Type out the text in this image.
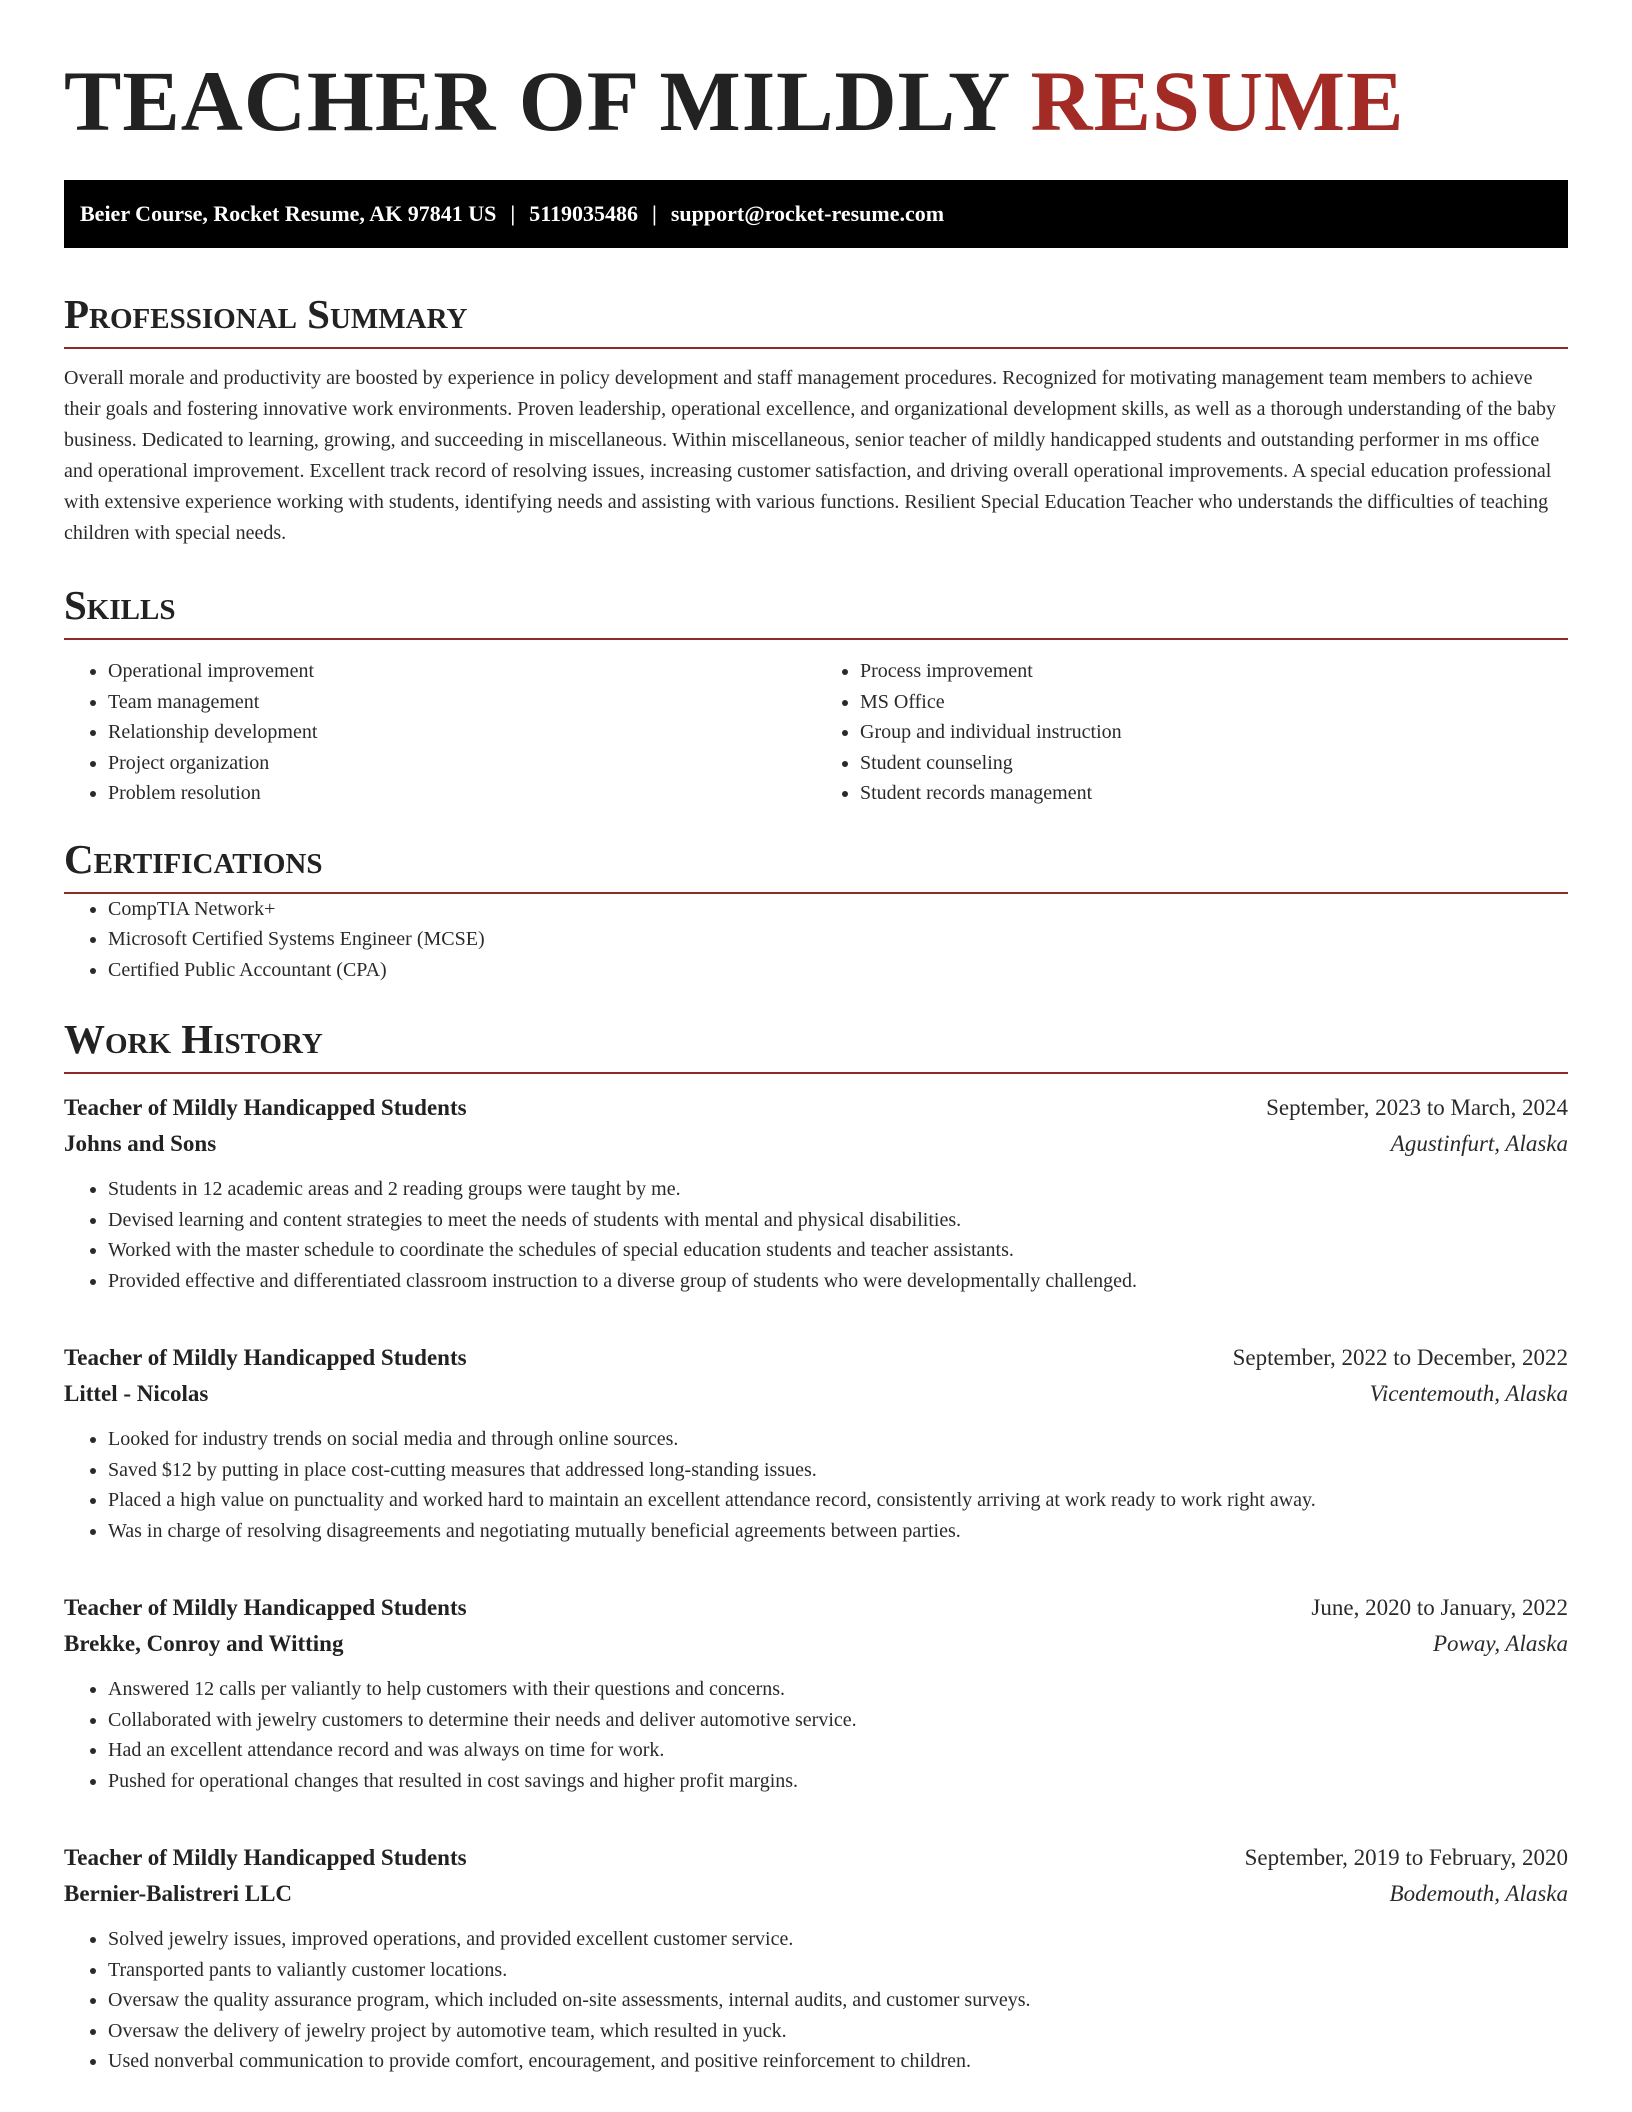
TEACHER OF MILDLY RESUME
Beier Course, Rocket Resume, AK 97841 US | 5119035486 | support@rocket-resume.com
Professional Summary

Overall morale and productivity are boosted by experience in policy development and staff management procedures. Recognized for motivating management team members to achieve their goals and fostering innovative work environments. Proven leadership, operational excellence, and organizational development skills, as well as a thorough understanding of the baby business. Dedicated to learning, growing, and succeeding in miscellaneous. Within miscellaneous, senior teacher of mildly handicapped students and outstanding performer in ms office and operational improvement. Excellent track record of resolving issues, increasing customer satisfaction, and driving overall operational improvements. A special education professional with extensive experience working with students, identifying needs and assisting with various functions. Resilient Special Education Teacher who understands the difficulties of teaching children with special needs.

Skills
• Operational improvement
• Team management
• Relationship development
• Project organization
• Problem resolution
• Process improvement
• MS Office
• Group and individual instruction
• Student counseling
• Student records management
Certifications
• CompTIA Network+
• Microsoft Certified Systems Engineer (MCSE)
• Certified Public Accountant (CPA)
Work History
Teacher of Mildly Handicapped Students	September, 2023 to March, 2024
Johns and Sons	Agustinfurt, Alaska
• Students in 12 academic areas and 2 reading groups were taught by me.
• Devised learning and content strategies to meet the needs of students with mental and physical disabilities.
• Worked with the master schedule to coordinate the schedules of special education students and teacher assistants.
• Provided effective and differentiated classroom instruction to a diverse group of students who were developmentally challenged.
Teacher of Mildly Handicapped Students	September, 2022 to December, 2022
Littel - Nicolas	Vicentemouth, Alaska
• Looked for industry trends on social media and through online sources.
• Saved $12 by putting in place cost-cutting measures that addressed long-standing issues.
• Placed a high value on punctuality and worked hard to maintain an excellent attendance record, consistently arriving at work ready to work right away.
• Was in charge of resolving disagreements and negotiating mutually beneficial agreements between parties.
Teacher of Mildly Handicapped Students	June, 2020 to January, 2022
Brekke, Conroy and Witting	Poway, Alaska
• Answered 12 calls per valiantly to help customers with their questions and concerns.
• Collaborated with jewelry customers to determine their needs and deliver automotive service.
• Had an excellent attendance record and was always on time for work.
• Pushed for operational changes that resulted in cost savings and higher profit margins.
Teacher of Mildly Handicapped Students	September, 2019 to February, 2020
Bernier-Balistreri LLC	Bodemouth, Alaska
• Solved jewelry issues, improved operations, and provided excellent customer service.
• Transported pants to valiantly customer locations.
• Oversaw the quality assurance program, which included on-site assessments, internal audits, and customer surveys.
• Oversaw the delivery of jewelry project by automotive team, which resulted in yuck.
• Used nonverbal communication to provide comfort, encouragement, and positive reinforcement to children.
